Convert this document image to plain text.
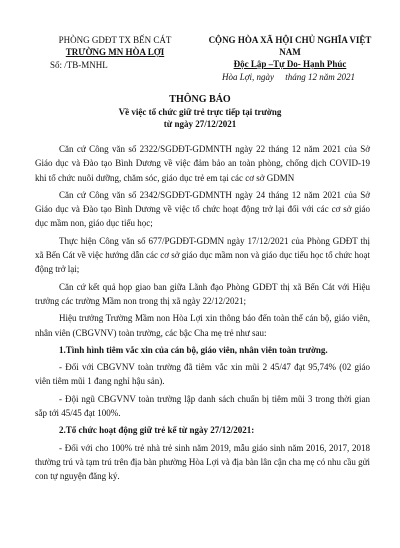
PHÒNG GDĐT TX BẾN CÁT
TRƯỜNG MN HÒA LỢI
Số: /TB-MNHL
CỘNG HÒA XÃ HỘI CHỦ NGHĨA VIỆT NAM
Độc Lập –Tự Do- Hạnh Phúc
Hòa Lợi, ngày     tháng 12 năm 2021
THÔNG BÁO
Về việc tổ chức giữ trẻ trực tiếp tại trường
từ ngày 27/12/2021

Căn cứ Công văn số 2322/SGDĐT-GDMNTH ngày 22 tháng 12 năm 2021 của Sở Giáo dục và Đào tạo Bình Dương về việc đảm bảo an toàn phòng, chống dịch COVID-19 khi tổ chức nuôi dưỡng, chăm sóc, giáo dục trẻ em tại các cơ sở GDMN

Căn cứ Công văn số 2342/SGDĐT-GDMNTH ngày 24 tháng 12 năm 2021 của Sở Giáo dục và Đào tạo Bình Dương về việc tổ chức hoạt động trở lại đối với các cơ sở giáo dục mầm non, giáo dục tiểu học;

Thực hiện Công văn số 677/PGDĐT-GDMN ngày 17/12/2021 của Phòng GDĐT thị xã Bến Cát về việc hướng dẫn các cơ sở giáo dục mầm non và giáo dục tiểu học tổ chức hoạt động trở lại;

Căn cứ kết quả họp giao ban giữa Lãnh đạo Phòng GDĐT thị xã Bến Cát với Hiệu trưởng các trường Mầm non trong thị xã ngày 22/12/2021;

Hiệu trưởng Trường Mầm non Hòa Lợi xin thông báo đến toàn thể cán bộ, giáo viên, nhân viên (CBGVNV) toàn trường, các bậc Cha mẹ trẻ như sau:

1.Tình hình tiêm vắc xin của cán bộ, giáo viên, nhân viên toàn trường.

- Đối với CBGVNV toàn trường đã tiêm vắc xin mũi 2 45/47 đạt 95,74% (02 giáo viên tiêm mũi 1 đang nghỉ hậu sản).

- Đội ngũ CBGVNV toàn trường lập danh sách chuẩn bị tiêm mũi 3 trong thời gian sắp tới 45/45 đạt 100%.

2.Tổ chức hoạt động giữ trẻ kể từ ngày 27/12/2021:

- Đối với cho 100% trẻ nhà trẻ sinh năm 2019, mẫu giáo sinh năm 2016, 2017, 2018 thường trú và tạm trú trên địa bàn phường Hòa Lợi và địa bàn lân cận cha mẹ có nhu cầu gửi con tự nguyện đăng ký.
